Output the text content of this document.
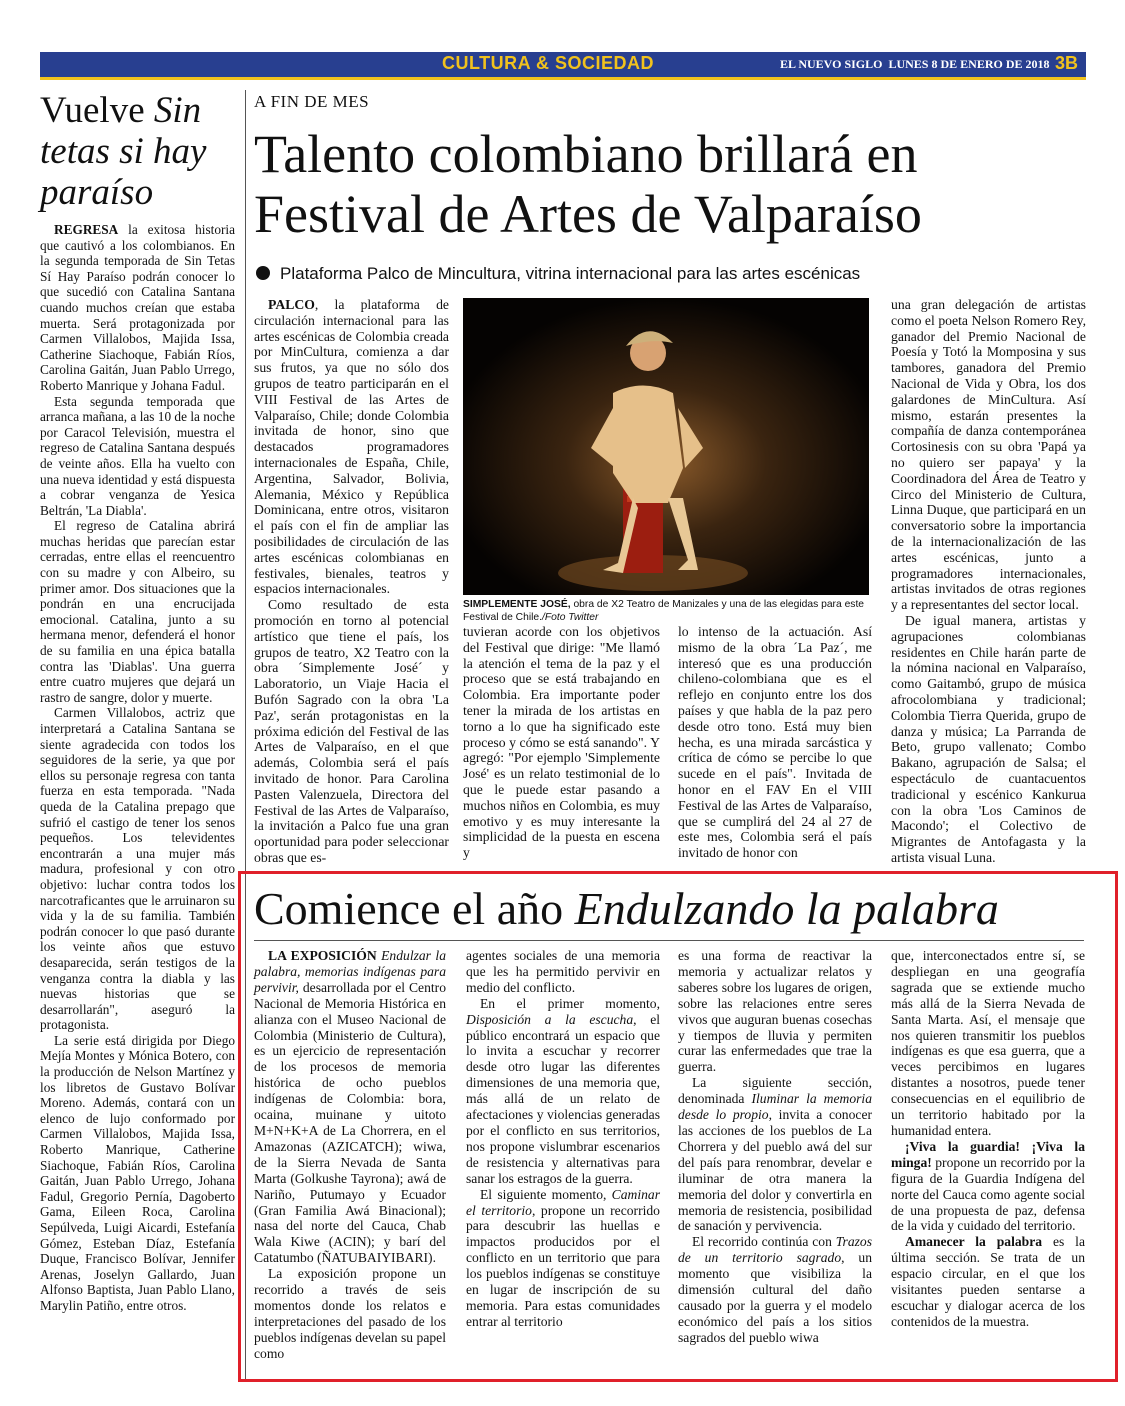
CULTURA & SOCIEDAD	EL NUEVO SIGLO LUNES 8 DE ENERO DE 2018 3B
Vuelve Sin tetas si hay paraíso

REGRESA la exitosa historia que cautivó a los colombianos. En la segunda temporada de Sin Tetas Sí Hay Paraíso podrán conocer lo que sucedió con Catalina Santana cuando muchos creían que estaba muerta. Será protagonizada por Carmen Villalobos, Majida Issa, Catherine Siachoque, Fabián Ríos, Carolina Gaitán, Juan Pablo Urrego, Roberto Manrique y Johana Fadul.

Esta segunda temporada que arranca mañana, a las 10 de la noche por Caracol Televisión, muestra el regreso de Catalina Santana después de veinte años. Ella ha vuelto con una nueva identidad y está dispuesta a cobrar venganza de Yesica Beltrán, 'La Diabla'.

El regreso de Catalina abrirá muchas heridas que parecían estar cerradas, entre ellas el reencuentro con su madre y con Albeiro, su primer amor. Dos situaciones que la pondrán en una encrucijada emocional. Catalina, junto a su hermana menor, defenderá el honor de su familia en una épica batalla contra las 'Diablas'. Una guerra entre cuatro mujeres que dejará un rastro de sangre, dolor y muerte.

Carmen Villalobos, actriz que interpretará a Catalina Santana se siente agradecida con todos los seguidores de la serie, ya que por ellos su personaje regresa con tanta fuerza en esta temporada. "Nada queda de la Catalina prepago que sufrió el castigo de tener los senos pequeños. Los televidentes encontrarán a una mujer más madura, profesional y con otro objetivo: luchar contra todos los narcotraficantes que le arruinaron su vida y la de su familia. También podrán conocer lo que pasó durante los veinte años que estuvo desaparecida, serán testigos de la venganza contra la diabla y las nuevas historias que se desarrollarán", aseguró la protagonista.

La serie está dirigida por Diego Mejía Montes y Mónica Botero, con la producción de Nelson Martínez y los libretos de Gustavo Bolívar Moreno. Además, contará con un elenco de lujo conformado por Carmen Villalobos, Majida Issa, Roberto Manrique, Catherine Siachoque, Fabián Ríos, Carolina Gaitán, Juan Pablo Urrego, Johana Fadul, Gregorio Pernía, Dagoberto Gama, Eileen Roca, Carolina Sepúlveda, Luigi Aicardi, Estefanía Gómez, Esteban Díaz, Estefanía Duque, Francisco Bolívar, Jennifer Arenas, Joselyn Gallardo, Juan Alfonso Baptista, Juan Pablo Llano, Marylin Patiño, entre otros.

A FIN DE MES
Talento colombiano brillará en Festival de Artes de Valparaíso
Plataforma Palco de Mincultura, vitrina internacional para las artes escénicas

PALCO, la plataforma de circulación internacional para las artes escénicas de Colombia creada por MinCultura, comienza a dar sus frutos, ya que no sólo dos grupos de teatro participarán en el VIII Festival de las Artes de Valparaíso, Chile; donde Colombia invitada de honor, sino que destacados programadores internacionales de España, Chile, Argentina, Salvador, Bolivia, Alemania, México y República Dominicana, entre otros, visitaron el país con el fin de ampliar las posibilidades de circulación de las artes escénicas colombianas en festivales, bienales, teatros y espacios internacionales.

Como resultado de esta promoción en torno al potencial artístico que tiene el país, los grupos de teatro, X2 Teatro con la obra ´Simplemente José´ y Laboratorio, un Viaje Hacia el Bufón Sagrado con la obra 'La Paz', serán protagonistas en la próxima edición del Festival de las Artes de Valparaíso, en el que además, Colombia será el país invitado de honor. Para Carolina Pasten Valenzuela, Directora del Festival de las Artes de Valparaíso, la invitación a Palco fue una gran oportunidad para poder seleccionar obras que es-

SIMPLEMENTE JOSÉ, obra de X2 Teatro de Manizales y una de las elegidas para este Festival de Chile./Foto Twitter

tuvieran acorde con los objetivos del Festival que dirige: "Me llamó la atención el tema de la paz y el proceso que se está trabajando en Colombia. Era importante poder tener la mirada de los artistas en torno a lo que ha significado este proceso y cómo se está sanando". Y agregó: "Por ejemplo 'Simplemente José' es un relato testimonial de lo que le puede estar pasando a muchos niños en Colombia, es muy emotivo y es muy interesante la simplicidad de la puesta en escena y

lo intenso de la actuación. Así mismo de la obra ´La Paz´, me interesó que es una producción chileno-colombiana que es el reflejo en conjunto entre los dos países y que habla de la paz pero desde otro tono. Está muy bien hecha, es una mirada sarcástica y crítica de cómo se percibe lo que sucede en el país". Invitada de honor en el FAV En el VIII Festival de las Artes de Valparaíso, que se cumplirá del 24 al 27 de este mes, Colombia será el país invitado de honor con

una gran delegación de artistas como el poeta Nelson Romero Rey, ganador del Premio Nacional de Poesía y Totó la Momposina y sus tambores, ganadora del Premio Nacional de Vida y Obra, los dos galardones de MinCultura. Así mismo, estarán presentes la compañía de danza contemporánea Cortosinesis con su obra 'Papá ya no quiero ser papaya' y la Coordinadora del Área de Teatro y Circo del Ministerio de Cultura, Linna Duque, que participará en un conversatorio sobre la importancia de la internacionalización de las artes escénicas, junto a programadores internacionales, artistas invitados de otras regiones y a representantes del sector local.

De igual manera, artistas y agrupaciones colombianas residentes en Chile harán parte de la nómina nacional en Valparaíso, como Gaitambó, grupo de música afrocolombiana y tradicional; Colombia Tierra Querida, grupo de danza y música; La Parranda de Beto, grupo vallenato; Combo Bakano, agrupación de Salsa; el espectáculo de cuantacuentos tradicional y escénico Kankurua con la obra 'Los Caminos de Macondo'; el Colectivo de Migrantes de Antofagasta y la artista visual Luna.

Comience el año Endulzando la palabra

LA EXPOSICIÓN Endulzar la palabra, memorias indígenas para pervivir, desarrollada por el Centro Nacional de Memoria Histórica en alianza con el Museo Nacional de Colombia (Ministerio de Cultura), es un ejercicio de representación de los procesos de memoria histórica de ocho pueblos indígenas de Colombia: bora, ocaina, muinane y uitoto M+N+K+A de La Chorrera, en el Amazonas (AZICATCH); wiwa, de la Sierra Nevada de Santa Marta (Golkushe Tayrona); awá de Nariño, Putumayo y Ecuador (Gran Familia Awá Binacional); nasa del norte del Cauca, Chab Wala Kiwe (ACIN); y barí del Catatumbo (ÑATUBAIYIBARI).

La exposición propone un recorrido a través de seis momentos donde los relatos e interpretaciones del pasado de los pueblos indígenas develan su papel como

agentes sociales de una memoria que les ha permitido pervivir en medio del conflicto.

En el primer momento, Disposición a la escucha, el público encontrará un espacio que lo invita a escuchar y recorrer desde otro lugar las diferentes dimensiones de una memoria que, más allá de un relato de afectaciones y violencias generadas por el conflicto en sus territorios, nos propone vislumbrar escenarios de resistencia y alternativas para sanar los estragos de la guerra.

El siguiente momento, Caminar el territorio, propone un recorrido para descubrir las huellas e impactos producidos por el conflicto en un territorio que para los pueblos indígenas se constituye en lugar de inscripción de su memoria. Para estas comunidades entrar al territorio

es una forma de reactivar la memoria y actualizar relatos y saberes sobre los lugares de origen, sobre las relaciones entre seres vivos que auguran buenas cosechas y tiempos de lluvia y permiten curar las enfermedades que trae la guerra.

La siguiente sección, denominada Iluminar la memoria desde lo propio, invita a conocer las acciones de los pueblos de La Chorrera y del pueblo awá del sur del país para renombrar, develar e iluminar de otra manera la memoria del dolor y convertirla en memoria de resistencia, posibilidad de sanación y pervivencia.

El recorrido continúa con Trazos de un territorio sagrado, un momento que visibiliza la dimensión cultural del daño causado por la guerra y el modelo económico del país a los sitios sagrados del pueblo wiwa

que, interconectados entre sí, se despliegan en una geografía sagrada que se extiende mucho más allá de la Sierra Nevada de Santa Marta. Así, el mensaje que nos quieren transmitir los pueblos indígenas es que esa guerra, que a veces percibimos en lugares distantes a nosotros, puede tener consecuencias en el equilibrio de un territorio habitado por la humanidad entera.

¡Viva la guardia! ¡Viva la minga! propone un recorrido por la figura de la Guardia Indígena del norte del Cauca como agente social de una propuesta de paz, defensa de la vida y cuidado del territorio.

Amanecer la palabra es la última sección. Se trata de un espacio circular, en el que los visitantes pueden sentarse a escuchar y dialogar acerca de los contenidos de la muestra.
